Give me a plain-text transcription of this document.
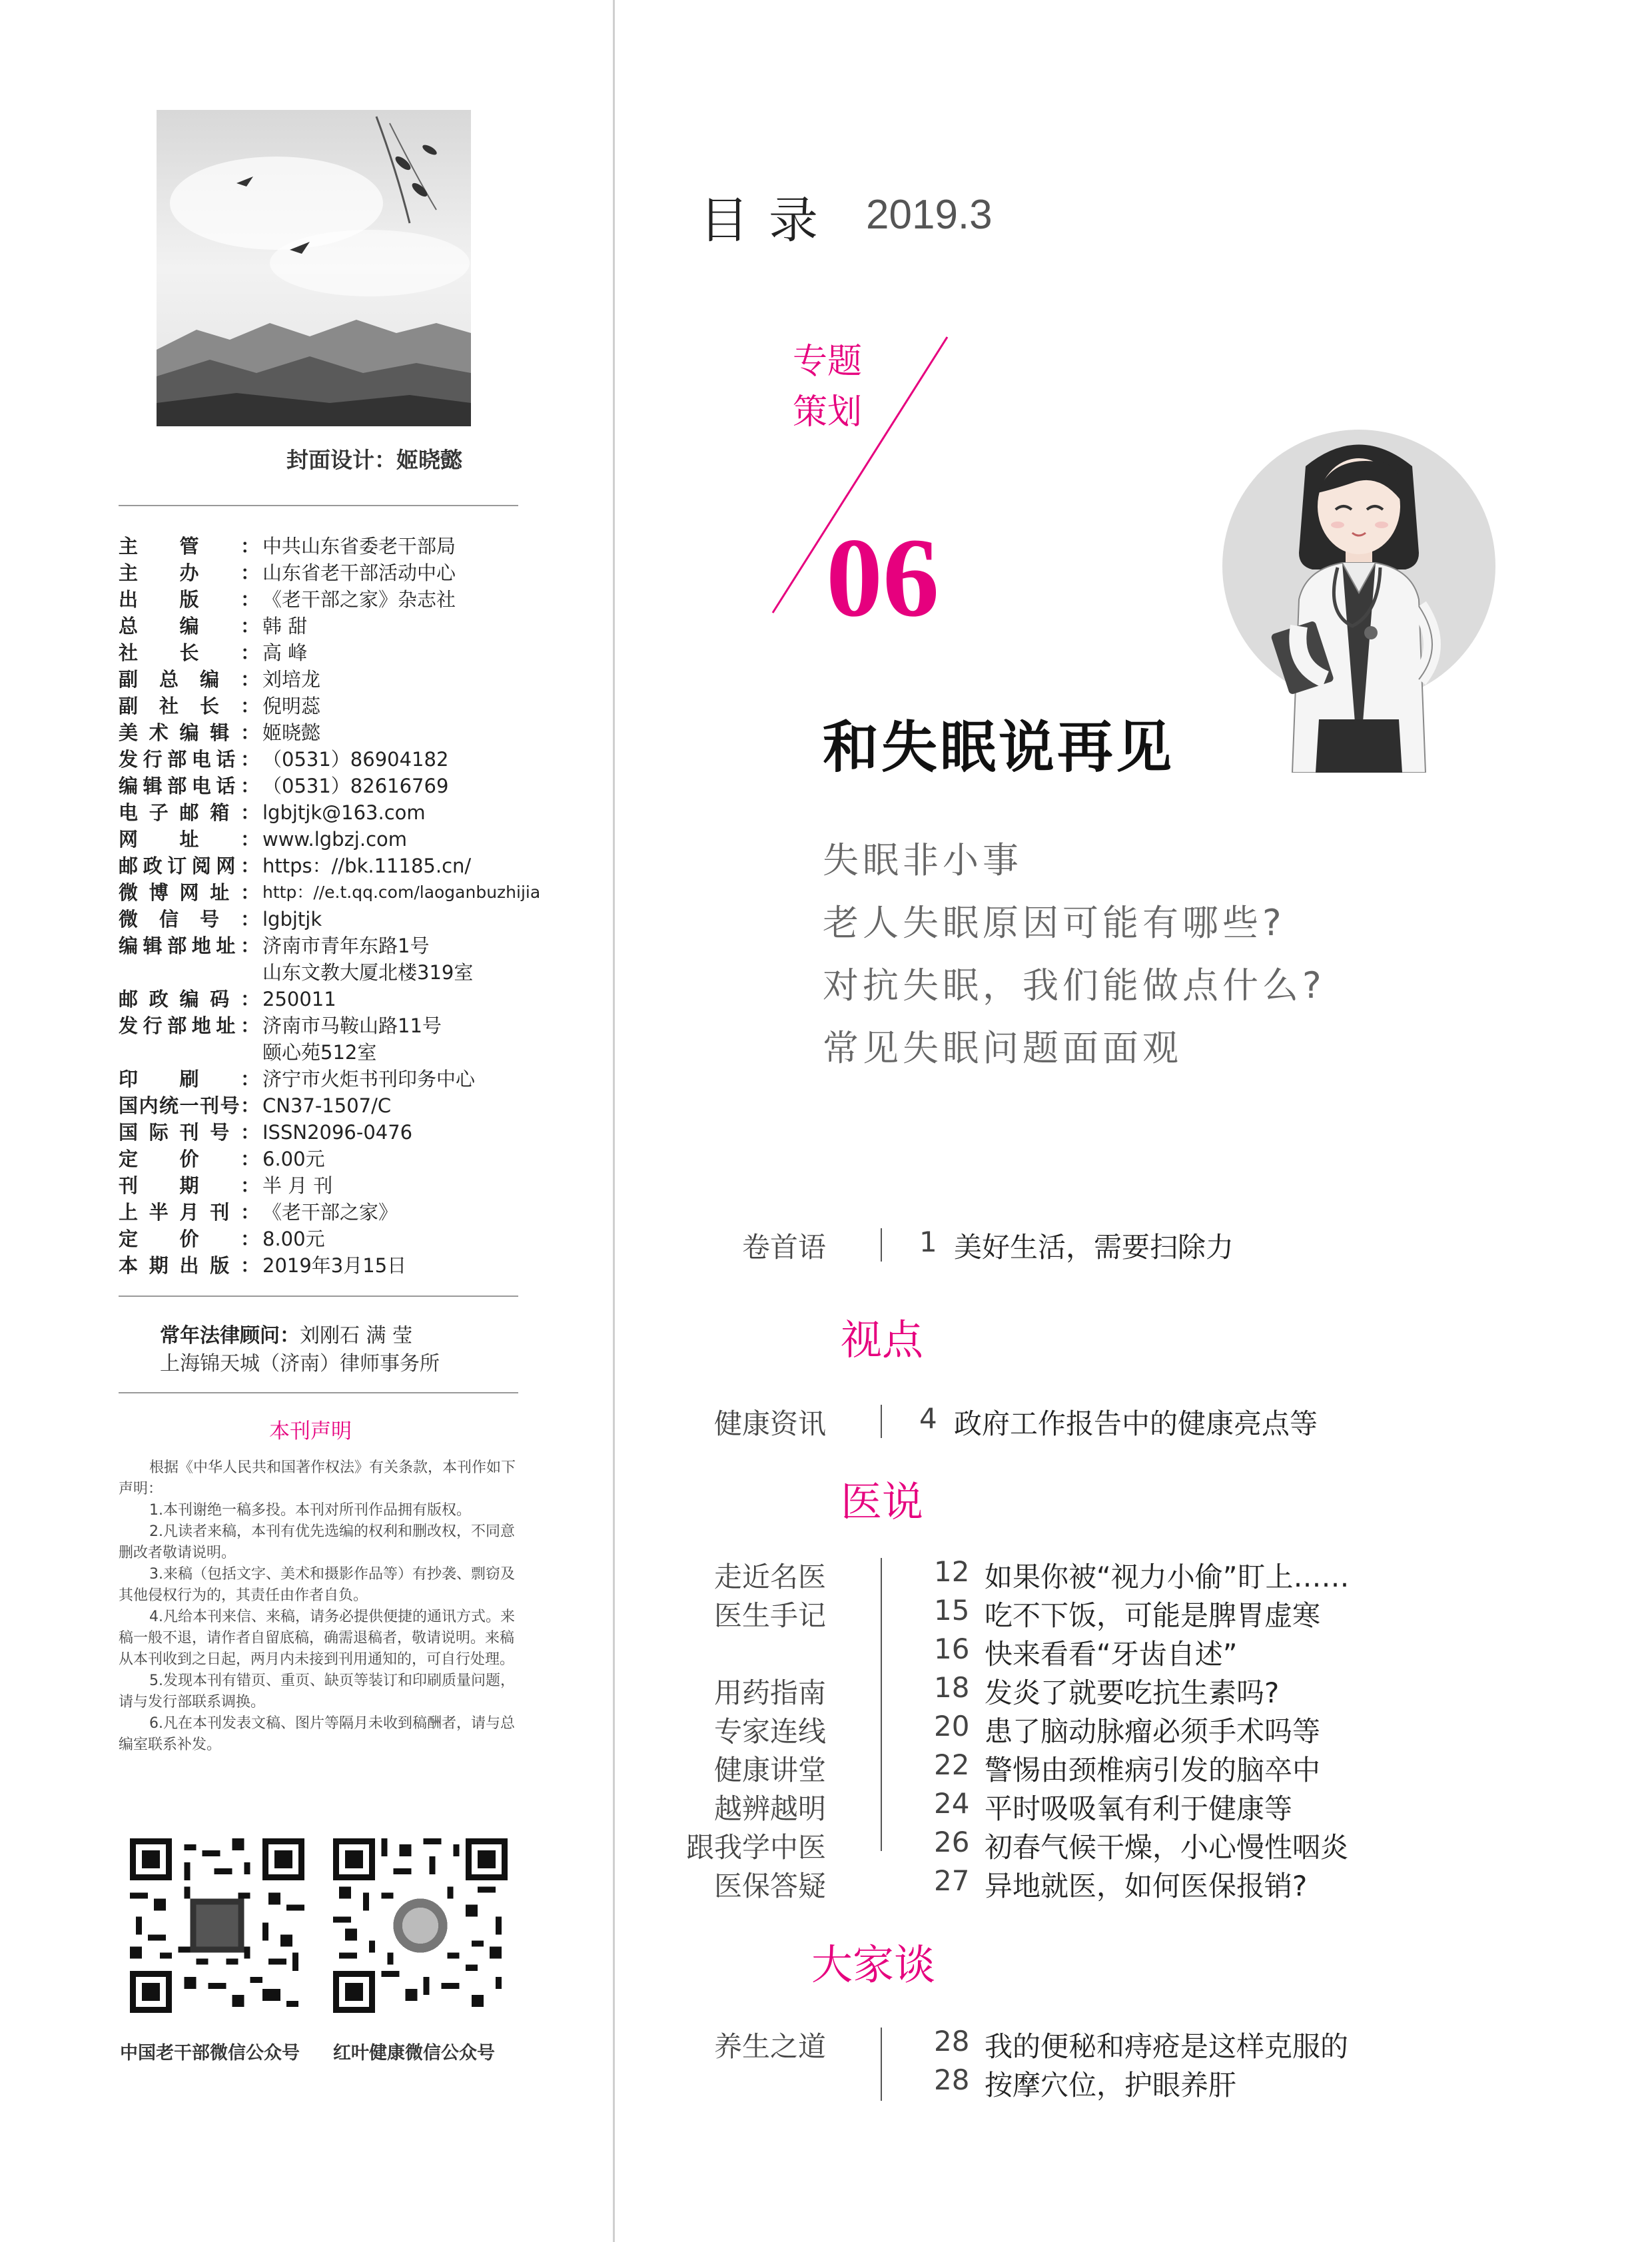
封面设计：姬晓懿
主管： 中共山东省委老干部局
主办： 山东省老干部活动中心
出版： 《老干部之家》杂志社
总编： 韩 甜
社长： 高 峰
副总编： 刘培龙
副社长： 倪明蕊
美术编辑： 姬晓懿
发行部电话： （0531）86904182
编辑部电话： （0531）82616769
电子邮箱： lgbjtjk@163.com
网址： www.lgbzj.com
邮政订阅网： https：//bk.11185.cn/
微博网址： http：//e.t.qq.com/laoganbuzhijia
微信号： lgbjtjk
编辑部地址： 济南市青年东路1号
山东文教大厦北楼319室
邮政编码： 250011
发行部地址： 济南市马鞍山路11号
颐心苑512室
印刷： 济宁市火炬书刊印务中心
国内统一刊号： CN37-1507/C
国际刊号： ISSN2096-0476
定价： 6.00元
刊期： 半 月 刊
上半月刊： 《老干部之家》
定价： 8.00元
本期出版： 2019年3月15日
常年法律顾问：刘刚石 满 莹
上海锦天城（济南）律师事务所
本刊声明

根据《中华人民共和国著作权法》有关条款，本刊作如下声明：

1.本刊谢绝一稿多投。本刊对所刊作品拥有版权。

2.凡读者来稿，本刊有优先选编的权利和删改权，不同意删改者敬请说明。

3.来稿（包括文字、美术和摄影作品等）有抄袭、剽窃及其他侵权行为的，其责任由作者自负。

4.凡给本刊来信、来稿，请务必提供便捷的通讯方式。来稿一般不退，请作者自留底稿，确需退稿者，敬请说明。来稿从本刊收到之日起，两月内未接到刊用通知的，可自行处理。

5.发现本刊有错页、重页、缺页等装订和印刷质量问题，请与发行部联系调换。

6.凡在本刊发表文稿、图片等隔月未收到稿酬者，请与总编室联系补发。

中国老干部微信公众号 红叶健康微信公众号
目录 2019.3
专题
策划
06
和失眠说再见
失眠非小事
老人失眠原因可能有哪些?
对抗失眠，我们能做点什么?
常见失眠问题面面观
卷首语	1 美好生活，需要扫除力
视点
健康资讯	4 政府工作报告中的健康亮点等
医说
走近名医	12 如果你被“视力小偷”盯上……
医生手记	15 吃不下饭，可能是脾胃虚寒
16 快来看看“牙齿自述”
用药指南	18 发炎了就要吃抗生素吗?
专家连线	20 患了脑动脉瘤必须手术吗等
健康讲堂	22 警惕由颈椎病引发的脑卒中
越辨越明	24 平时吸吸氧有利于健康等
跟我学中医	26 初春气候干燥，小心慢性咽炎
医保答疑	27 异地就医，如何医保报销?
大家谈
养生之道	28 我的便秘和痔疮是这样克服的
28 按摩穴位，护眼养肝
